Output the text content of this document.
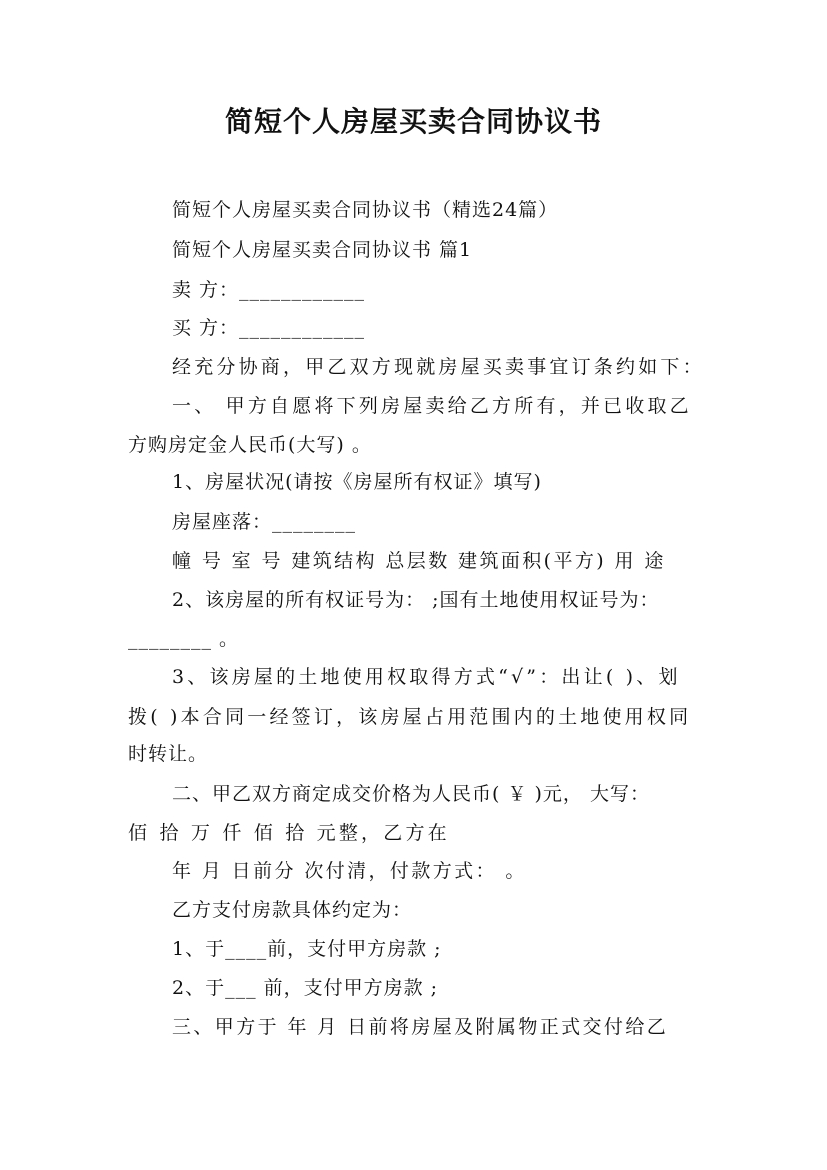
简短个人房屋买卖合同协议书
简短个人房屋买卖合同协议书（精选24篇）
简短个人房屋买卖合同协议书 篇1
卖 方：____________
买 方：____________
经充分协商，甲乙双方现就房屋买卖事宜订条约如下：
一、 甲方自愿将下列房屋卖给乙方所有，并已收取乙
方购房定金人民币(大写) 。
1、房屋状况(请按《房屋所有权证》填写)
房屋座落：________
幢 号 室 号 建筑结构 总层数 建筑面积(平方) 用 途
2、该房屋的所有权证号为： ;国有土地使用权证号为：
________ 。
3、该房屋的土地使用权取得方式“√”：出让( )、划
拨( )本合同一经签订，该房屋占用范围内的土地使用权同
时转让。
二、甲乙双方商定成交价格为人民币( ￥ )元， 大写：
佰 拾 万 仟 佰 拾 元整，乙方在
年 月 日前分 次付清，付款方式： 。
乙方支付房款具体约定为：
1、于____前，支付甲方房款 ;
2、于___ 前，支付甲方房款 ;
三、甲方于 年 月 日前将房屋及附属物正式交付给乙
